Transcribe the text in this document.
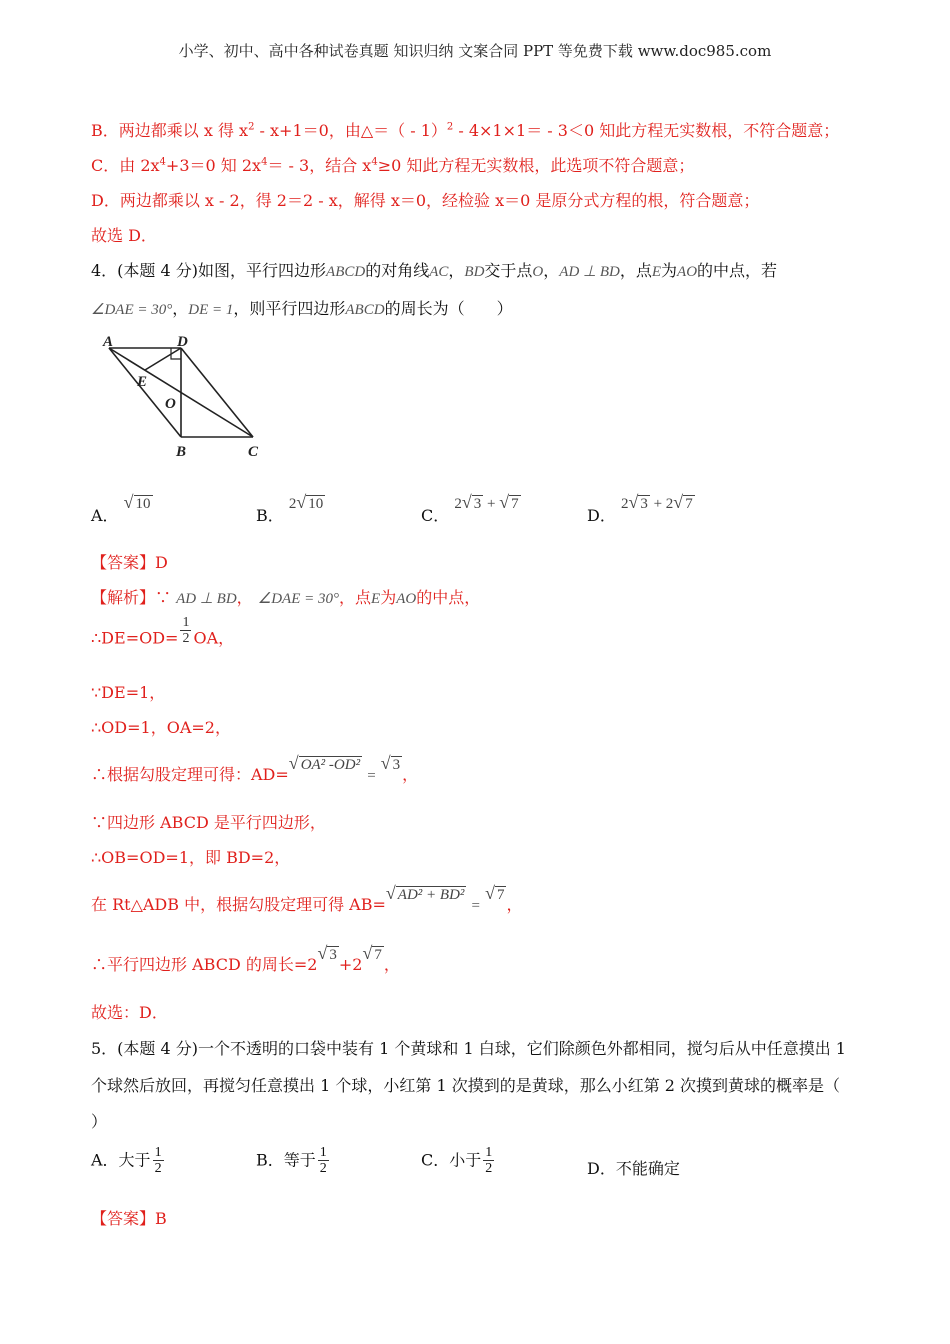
小学、初中、高中各种试卷真题 知识归纳 文案合同 PPT 等免费下载 www.doc985.com
B．两边都乘以 x 得 $x^2 - x+1=0$，由△＝（ - 1）$^2$ - 4×1×1＝ - 3＜0 知此方程无实数根，不符合题意；
C．由 $2x^4+3=0$ 知 $2x^4= - 3$，结合 $x^4\ge 0$ 知此方程无实数根，此选项不符合题意；
D．两边都乘以 x - 2，得 2＝2 - x，解得 x＝0，经检验 x＝0 是原分式方程的根，符合题意；
故选 D．
4．(本题 4 分)如图，平行四边形ABCD的对角线AC，BD交于点O，AD ⊥ BD，点E为AO的中点，若
∠DAE = 30°，DE = 1，则平行四边形ABCD的周长为（　　）
A	D
E
O
B	C
A． √ 10
B． 2√ 10
C． 2√ 3 + √ 7
D． 2√ 3 + 2√ 7
【答案】D
【解析】∵ AD ⊥ BD， ∠DAE = 30°，点E为AO的中点，
∴DE=OD= $\frac{1}{2}$ OA，
∵DE=1，
∴OD=1，OA=2，
∴根据勾股定理可得：AD=√ OA² -OD² = √ 3 ，
∵四边形 ABCD 是平行四边形，
∴OB=OD=1，即 BD=2，
在 Rt△ADB 中，根据勾股定理可得 AB=√ AD² + BD² = √ 7 ，
∴平行四边形 ABCD 的周长=2√ 3 +2√ 7 ，
故选：D．
5．(本题 4 分)一个不透明的口袋中装有 1 个黄球和 1 白球，它们除颜色外都相同，搅匀后从中任意摸出 1
个球然后放回，再搅匀任意摸出 1 个球，小红第 1 次摸到的是黄球，那么小红第 2 次摸到黄球的概率是（
）
A．大于 $\frac{1}{2}$	B．等于 $\frac{1}{2}$	C．小于 $\frac{1}{2}$	D．不能确定
【答案】B
